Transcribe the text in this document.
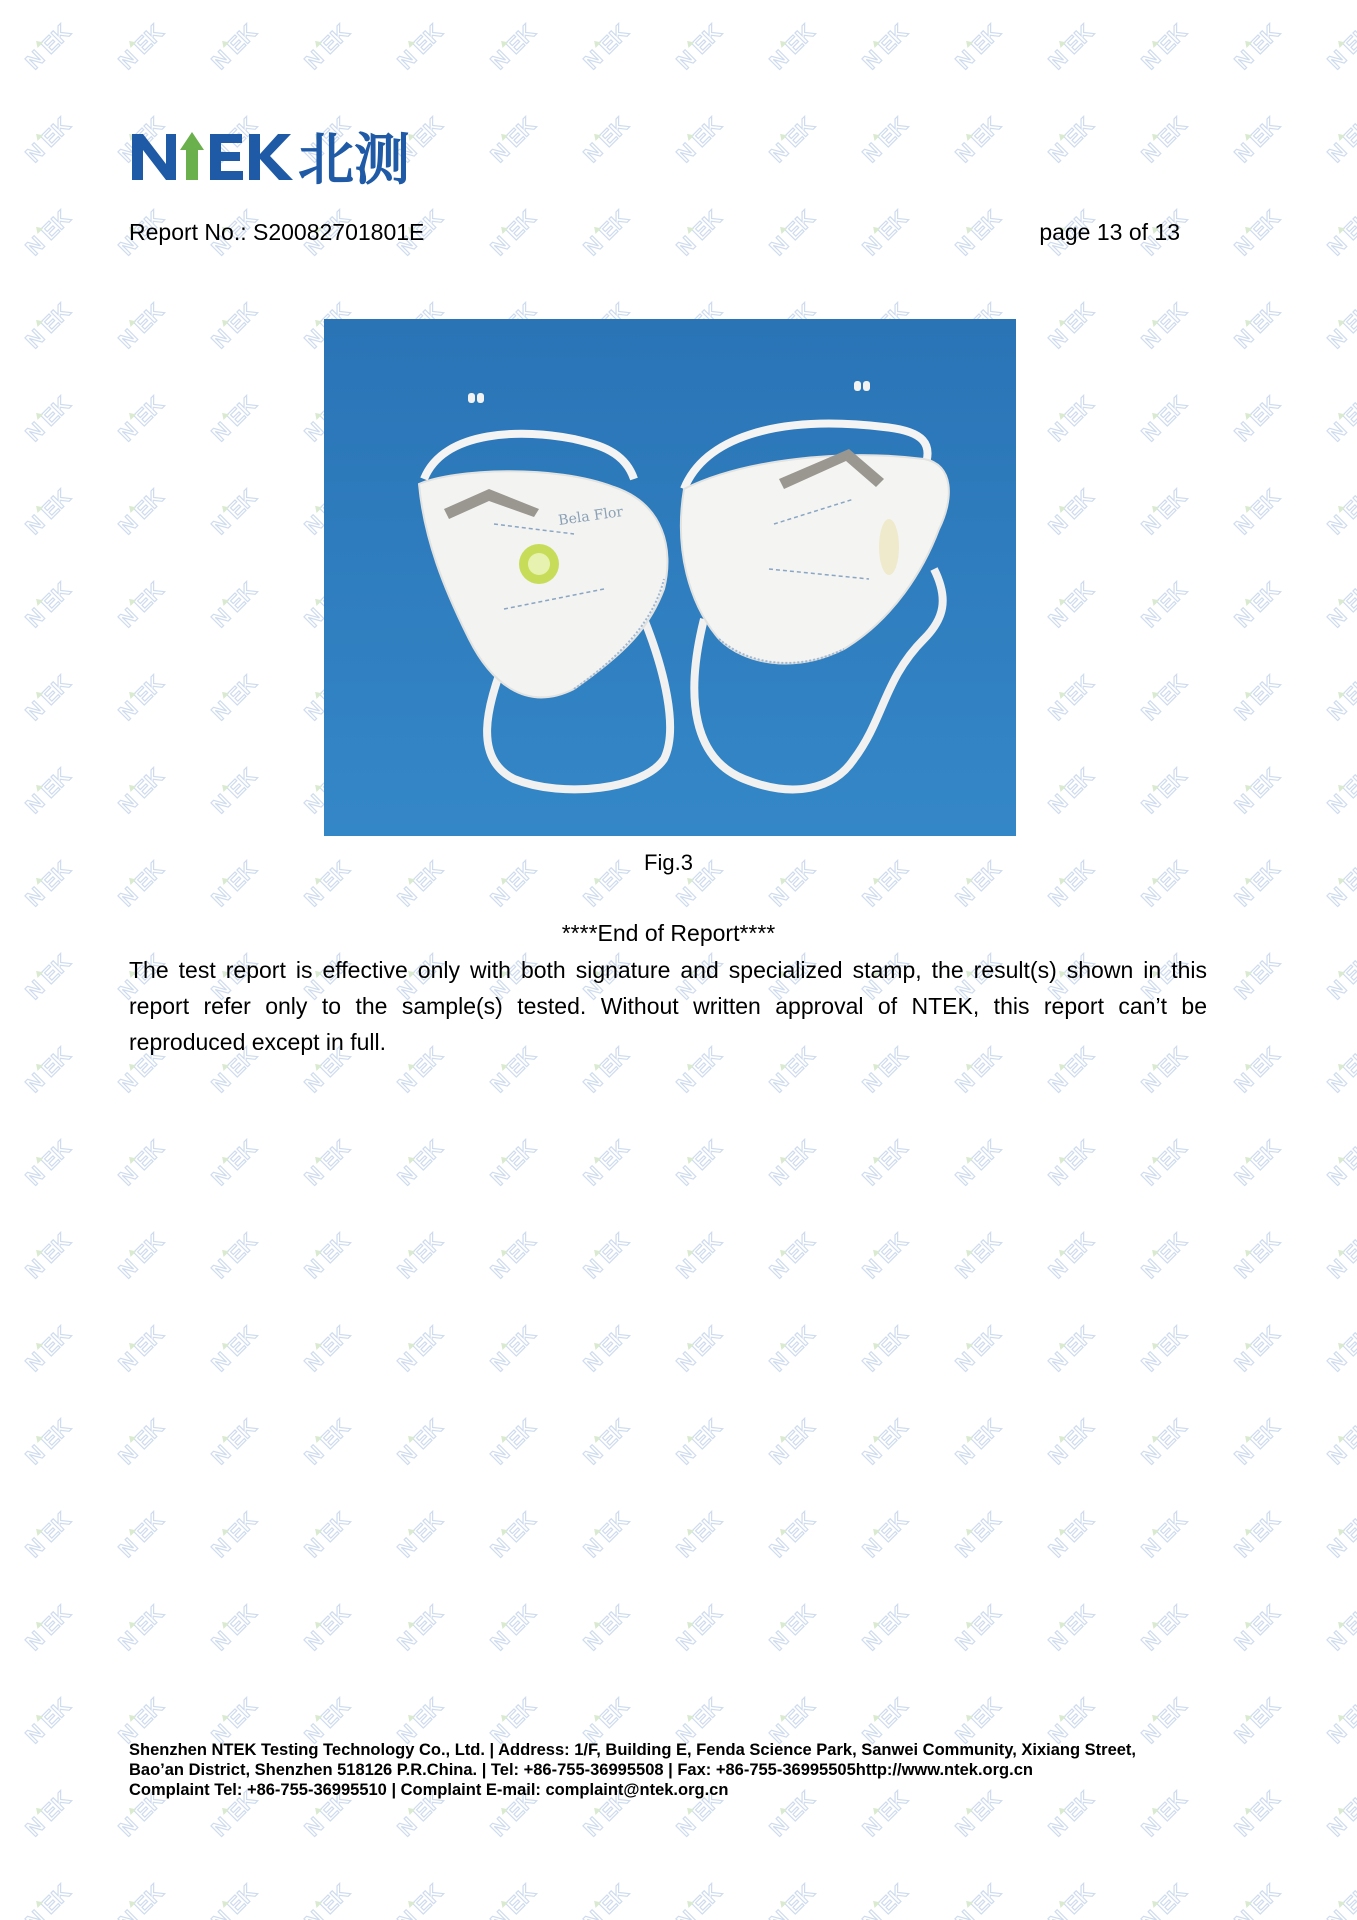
北测
Report No.: S20082701801E	page 13 of 13
Bela Flor
Fig.3
****End of Report****
The test report is effective only with both signature and specialized stamp, the result(s) shown in this report refer only to the sample(s) tested. Without written approval of NTEK, this report can’t be reproduced except in full.
Shenzhen NTEK Testing Technology Co., Ltd. | Address: 1/F, Building E, Fenda Science Park, Sanwei Community, Xixiang Street,
Bao’an District, Shenzhen 518126 P.R.China. | Tel: +86-755-36995508 | Fax: +86-755-36995505http://www.ntek.org.cn
Complaint Tel: +86-755-36995510 | Complaint E-mail: complaint@ntek.org.cn
